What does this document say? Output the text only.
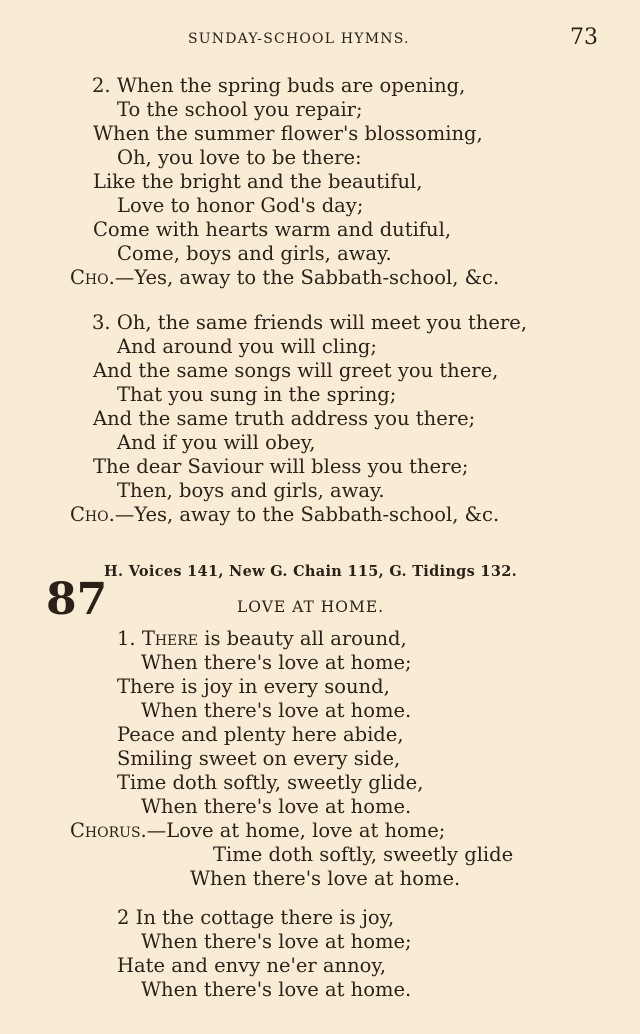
SUNDAY-SCHOOL HYMNS.	73
2. When the spring buds are opening,
To the school you repair;
When the summer flower's blossoming,
Oh, you love to be there:
Like the bright and the beautiful,
Love to honor God's day;
Come with hearts warm and dutiful,
Come, boys and girls, away.
Cho.—Yes, away to the Sabbath-school, &c.
3. Oh, the same friends will meet you there,
And around you will cling;
And the same songs will greet you there,
That you sung in the spring;
And the same truth address you there;
And if you will obey,
The dear Saviour will bless you there;
Then, boys and girls, away.
Cho.—Yes, away to the Sabbath-school, &c.
H. Voices 141, New G. Chain 115, G. Tidings 132.
87	LOVE AT HOME.
1. There is beauty all around,
When there's love at home;
There is joy in every sound,
When there's love at home.
Peace and plenty here abide,
Smiling sweet on every side,
Time doth softly, sweetly glide,
When there's love at home.
Chorus.—Love at home, love at home;
Time doth softly, sweetly glide
When there's love at home.
2 In the cottage there is joy,
When there's love at home;
Hate and envy ne'er annoy,
When there's love at home.
